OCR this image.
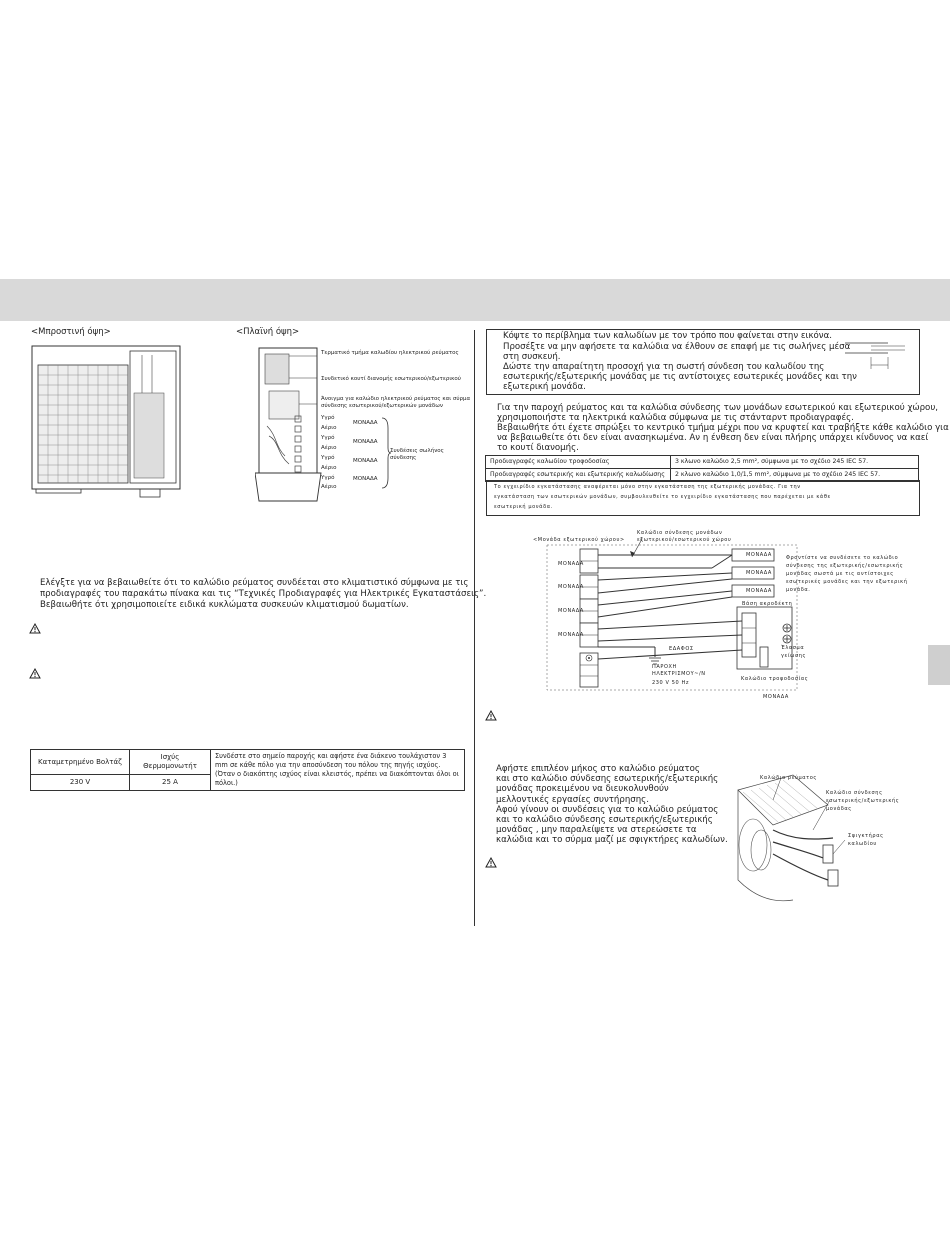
<Μπροστινή όψη>	<Πλαϊνή όψη>
Τερματικό τμήμα καλωδίου ηλεκτρικού ρεύματος
Συνδετικό κουτί διανομής εσωτερικού/εξωτερικού
Άνοιγμα για καλώδιο ηλεκτρικού ρεύματος και σύρμα
σύνδεσης εσωτερικού/εξωτερικών μονάδων
Υγρό
Αέριο
Υγρό
Αέριο
Υγρό
Αέριο
Υγρό
Αέριο
ΜΟΝΑΔΑ
ΜΟΝΑΔΑ
ΜΟΝΑΔΑ
ΜΟΝΑΔΑ
Συνδέσεις σωλήνος
σύνδεσης
Ελέγξτε για να βεβαιωθείτε ότι το καλώδιο ρεύματος συνδέεται στο κλιματιστικό σύμφωνα με τις
προδιαγραφές του παρακάτω πίνακα και τις “Τεχνικές Προδιαγραφές για Ηλεκτρικές Εγκαταστάσεις”.
Βεβαιωθήτε ότι χρησιμοποιείτε ειδικά κυκλώματα συσκευών κλιματισμού δωματίων.
Καταμετρημένο Βολτάζ	Ισχύς Θερμομονωτήτ	Συνδέστε στο σημείο παροχής και αφήστε ένα διάκενο τουλάχιστον 3 mm σε κάθε πόλο για την αποσύνδεση του πόλου της πηγής ισχύος. (Όταν ο διακόπτης ισχύος είναι κλειστός, πρέπει να διακόπτονται όλοι οι πόλοι.)
230 V	25 A	
Κόψτε το περίβλημα των καλωδίων με τον τρόπο που φαίνεται στην εικόνα.
Προσέξτε να μην αφήσετε τα καλώδια να έλθουν σε επαφή με τις σωλήνες μέσα
στη συσκευή.
Δώστε την απαραίτητη προσοχή για τη σωστή σύνδεση του καλωδίου της
εσωτερικής/εξωτερικής μονάδας με τις αντίστοιχες εσωτερικές μονάδες και την
εξωτερική μονάδα.
Για την παροχή ρεύματος και τα καλώδια σύνδεσης των μονάδων εσωτερικού και εξωτερικού χώρου,
χρησιμοποιήστε τα ηλεκτρικά καλώδια σύμφωνα με τις στάνταρντ προδιαγραφές.
Βεβαιωθήτε ότι έχετε σπρώξει το κεντρικό τμήμα μέχρι που να κρυφτεί και τραβήξτε κάθε καλώδιο για
να βεβαιωθείτε ότι δεν είναι ανασηκωμένα. Αν η ένθεση δεν είναι πλήρης υπάρχει κίνδυνος να καεί
το κουτί διανομής.
Προδιαγραφές καλωδίου τροφοδοσίας	3 κλωνο καλώδιο 2,5 mm², σύμφωνα με το σχέδιο 245 IEC 57.
Προδιαγραφές εσωτερικής και εξωτερικής καλωδίωσης	2 κλωνο καλώδιο 1,0/1,5 mm², σύμφωνα με το σχέδιο 245 IEC 57.
Το εγχειρίδιο εγκατάστασης αναφέρεται μόνο στην εγκατάσταση της εξωτερικής μονάδας. Για την
εγκατάσταση των εσωτερικών μονάδων, συμβουλευθείτε το εγχειρίδιο εγκατάστασης που παρέχεται με κάθε
εσωτερική μονάδα.
Καλώδιο σύνδεσης μονάδων
εξωτερικού/εσωτερικού χώρου
<Μονάδα εξωτερικού χώρου>
ΜΟΝΑΔΑ
ΜΟΝΑΔΑ
ΜΟΝΑΔΑ
ΜΟΝΑΔΑ
ΜΟΝΑΔΑ
ΜΟΝΑΔΑ
ΜΟΝΑΔΑ
Φροντίστε να συνδέσετε το καλώδιο
σύνδεσης της εξωτερικής/εσωτερικής
μονάδας σωστά με τις αντίστοιχες
εσωτερικές μονάδες και την εξωτερική
μονάδα.
Βάση ακροδέκτη
ΕΔΑΦΟΣ
ΠΑΡΟΧΗ
ΗΛΕΚΤΡΙΣΜΟΥ~/N
230 V 50 Hz
Έλασμα
γείωσης
Καλώδιο τροφοδοσίας
ΜΟΝΑΔΑ
Αφήστε επιπλέον μήκος στο καλώδιο ρεύματος
και στο καλώδιο σύνδεσης εσωτερικής/εξωτερικής
μονάδας προκειμένου να διευκολυνθούν
μελλοντικές εργασίες συντήρησης.
Αφού γίνουν οι συνδέσεις για το καλώδιο ρεύματος
και το καλώδιο σύνδεσης εσωτερικής/εξωτερικής
μονάδας , μην παραλείψετε να στερεώσετε τα
καλώδια και το σύρμα μαζί με σφιγκτήρες καλωδίων.
Καλώδιο ρεύματος
Καλώδιο σύνδεσης
εσωτερικής/εξωτερικής
μονάδας
Σφιγκτήρας
καλωδίου
